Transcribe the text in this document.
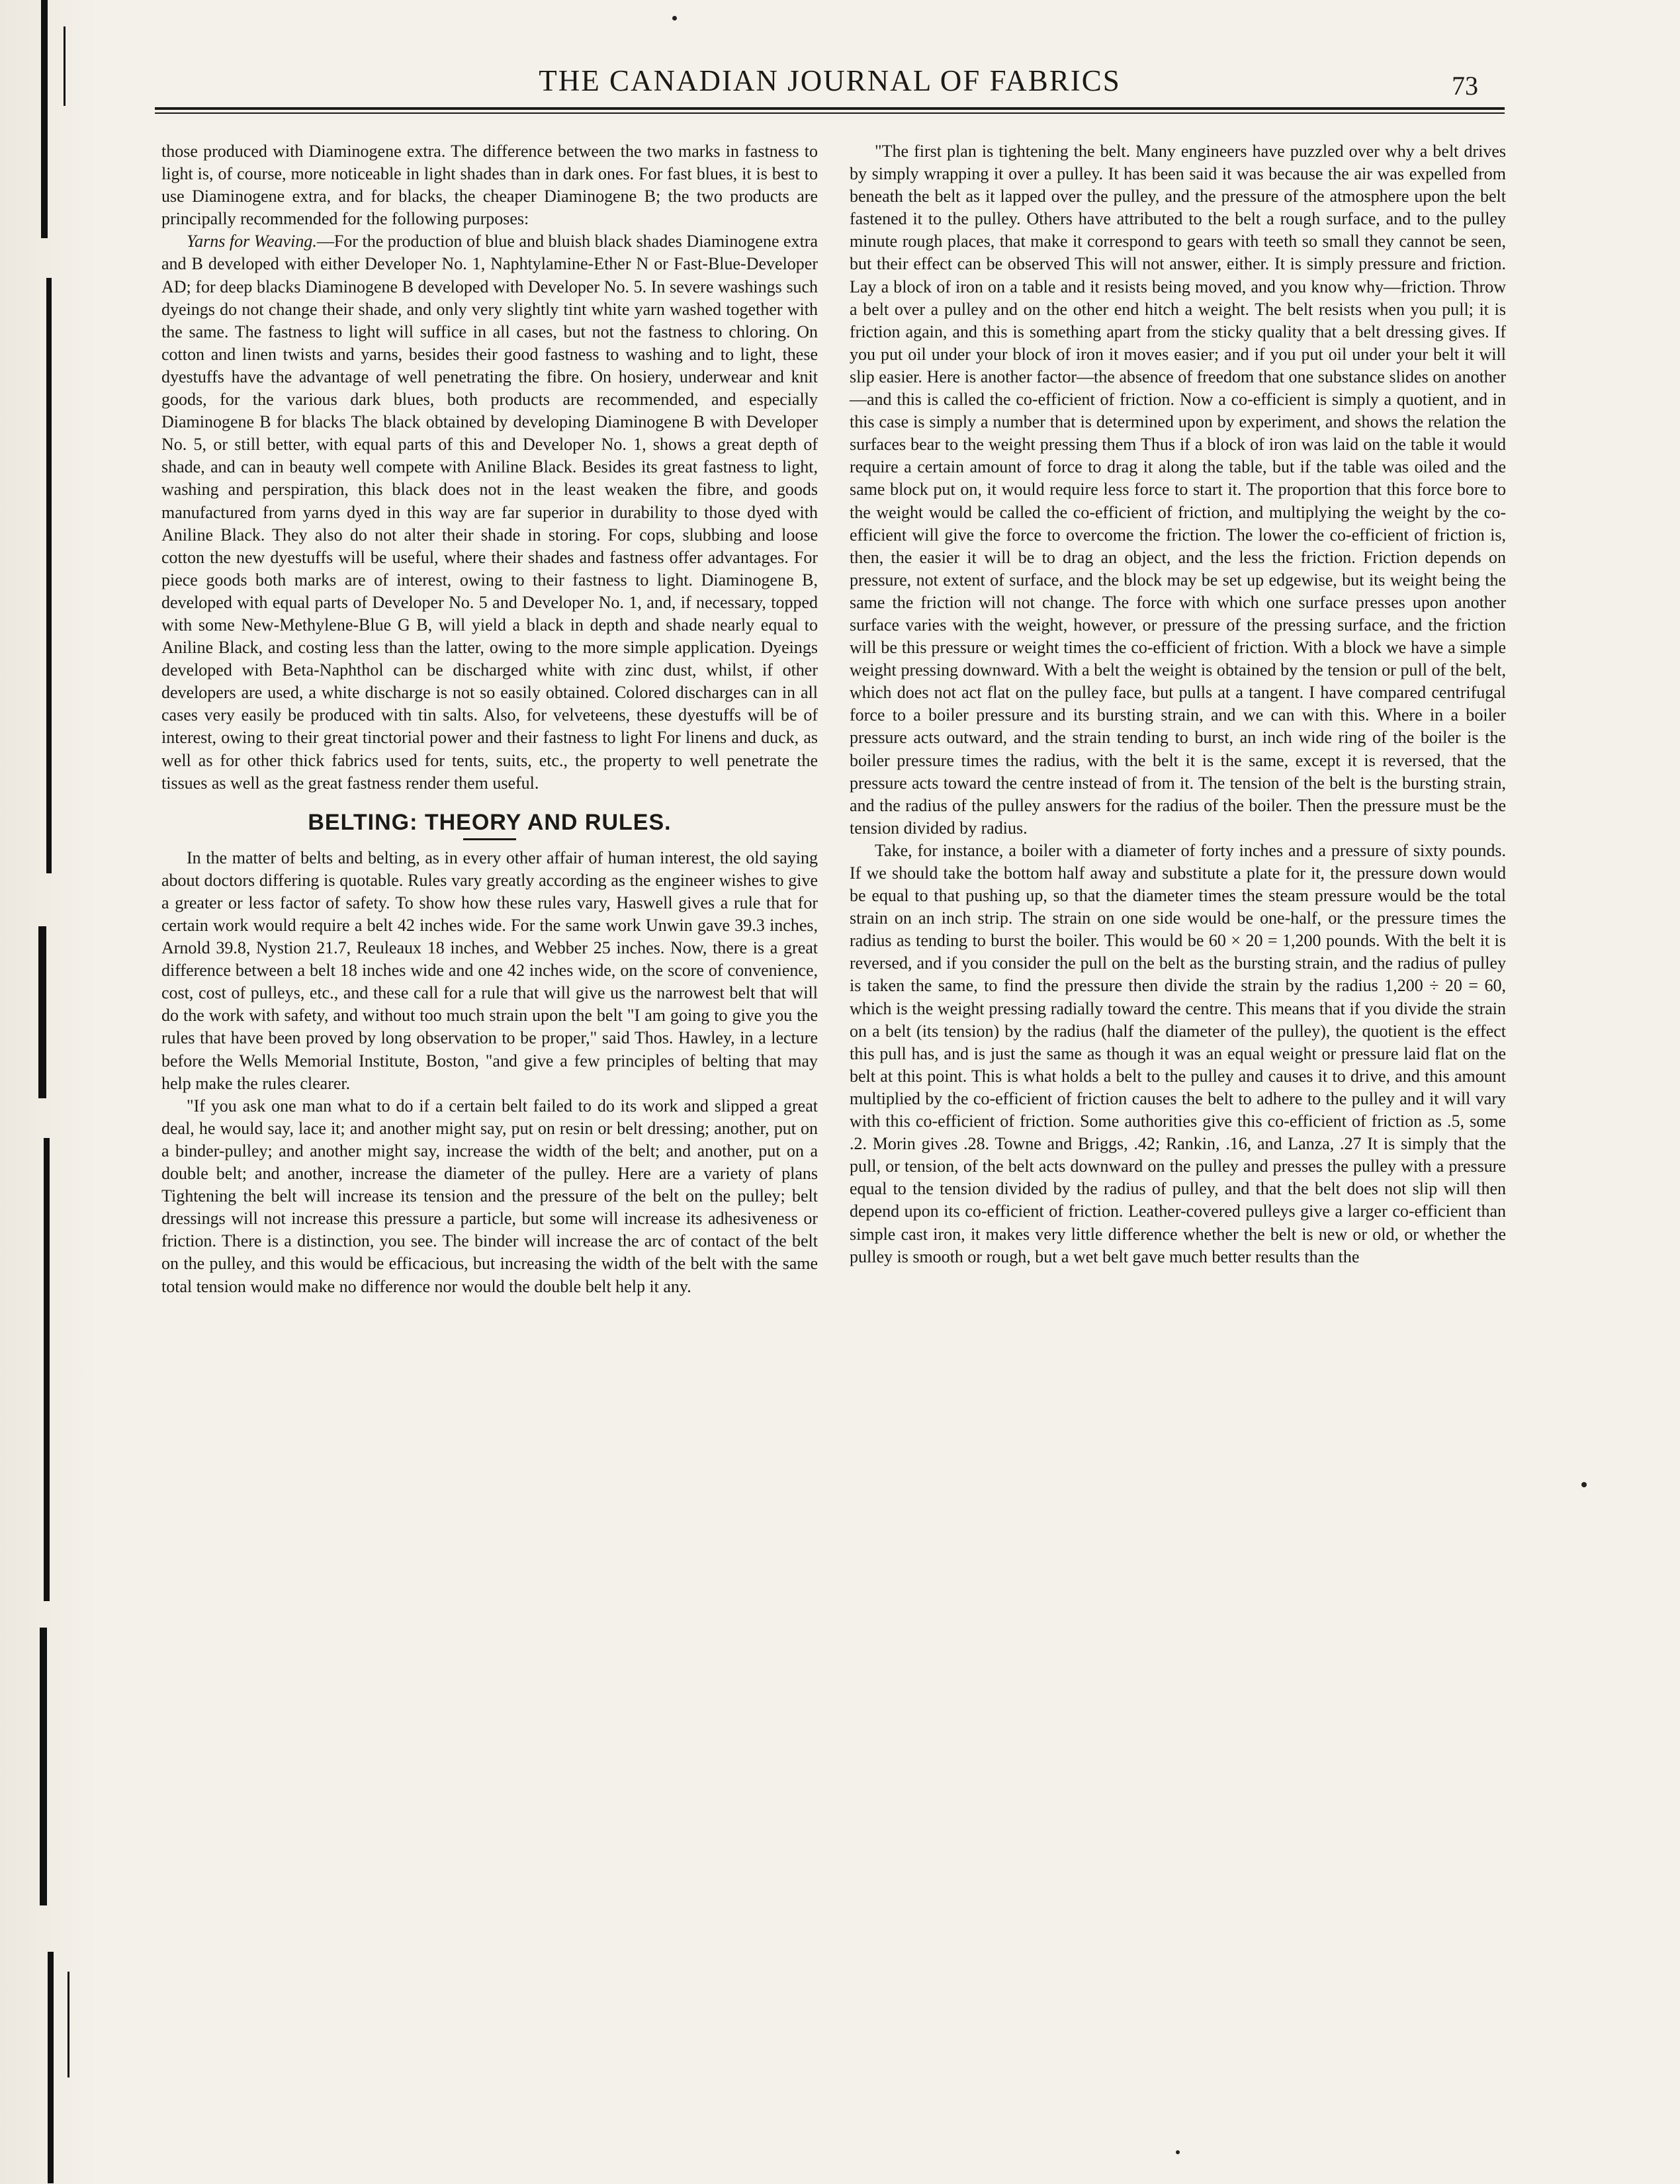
THE CANADIAN JOURNAL OF FABRICS	73

those produced with Diaminogene extra. The difference between the two marks in fastness to light is, of course, more noticeable in light shades than in dark ones. For fast blues, it is best to use Diaminogene extra, and for blacks, the cheaper Diaminogene B; the two products are principally recommended for the following purposes:

Yarns for Weaving.—For the production of blue and bluish black shades Diaminogene extra and B developed with either Developer No. 1, Naphtylamine-Ether N or Fast-Blue-Developer AD; for deep blacks Diaminogene B developed with Developer No. 5. In severe washings such dyeings do not change their shade, and only very slightly tint white yarn washed together with the same. The fastness to light will suffice in all cases, but not the fastness to chloring. On cotton and linen twists and yarns, besides their good fastness to washing and to light, these dyestuffs have the advantage of well penetrating the fibre. On hosiery, underwear and knit goods, for the various dark blues, both products are recommended, and especially Diaminogene B for blacks The black obtained by developing Diaminogene B with Developer No. 5, or still better, with equal parts of this and Developer No. 1, shows a great depth of shade, and can in beauty well compete with Aniline Black. Besides its great fastness to light, washing and perspiration, this black does not in the least weaken the fibre, and goods manufactured from yarns dyed in this way are far superior in durability to those dyed with Aniline Black. They also do not alter their shade in storing. For cops, slubbing and loose cotton the new dyestuffs will be useful, where their shades and fastness offer advantages. For piece goods both marks are of interest, owing to their fastness to light. Diaminogene B, developed with equal parts of Developer No. 5 and Developer No. 1, and, if necessary, topped with some New-Methylene-Blue G B, will yield a black in depth and shade nearly equal to Aniline Black, and costing less than the latter, owing to the more simple application. Dyeings developed with Beta-Naphthol can be discharged white with zinc dust, whilst, if other developers are used, a white discharge is not so easily obtained. Colored discharges can in all cases very easily be produced with tin salts. Also, for velveteens, these dyestuffs will be of interest, owing to their great tinctorial power and their fastness to light For linens and duck, as well as for other thick fabrics used for tents, suits, etc., the property to well penetrate the tissues as well as the great fastness render them useful.

BELTING: THEORY AND RULES.

In the matter of belts and belting, as in every other affair of human interest, the old saying about doctors differing is quotable. Rules vary greatly according as the engineer wishes to give a greater or less factor of safety. To show how these rules vary, Haswell gives a rule that for certain work would require a belt 42 inches wide. For the same work Unwin gave 39.3 inches, Arnold 39.8, Nystion 21.7, Reuleaux 18 inches, and Webber 25 inches. Now, there is a great difference between a belt 18 inches wide and one 42 inches wide, on the score of convenience, cost, cost of pulleys, etc., and these call for a rule that will give us the narrowest belt that will do the work with safety, and without too much strain upon the belt "I am going to give you the rules that have been proved by long observation to be proper," said Thos. Hawley, in a lecture before the Wells Memorial Institute, Boston, "and give a few principles of belting that may help make the rules clearer.

"If you ask one man what to do if a certain belt failed to do its work and slipped a great deal, he would say, lace it; and another might say, put on resin or belt dressing; another, put on a binder-pulley; and another might say, increase the width of the belt; and another, put on a double belt; and another, increase the diameter of the pulley. Here are a variety of plans Tightening the belt will increase its tension and the pressure of the belt on the pulley; belt dressings will not increase this pressure a particle, but some will increase its adhesiveness or friction. There is a distinction, you see. The binder will increase the arc of contact of the belt on the pulley, and this would be efficacious, but increasing the width of the belt with the same total tension would make no difference nor would the double belt help it any.

"The first plan is tightening the belt. Many engineers have puzzled over why a belt drives by simply wrapping it over a pulley. It has been said it was because the air was expelled from beneath the belt as it lapped over the pulley, and the pressure of the atmosphere upon the belt fastened it to the pulley. Others have attributed to the belt a rough surface, and to the pulley minute rough places, that make it correspond to gears with teeth so small they cannot be seen, but their effect can be observed This will not answer, either. It is simply pressure and friction. Lay a block of iron on a table and it resists being moved, and you know why—friction. Throw a belt over a pulley and on the other end hitch a weight. The belt resists when you pull; it is friction again, and this is something apart from the sticky quality that a belt dressing gives. If you put oil under your block of iron it moves easier; and if you put oil under your belt it will slip easier. Here is another factor—the absence of freedom that one substance slides on another—and this is called the co-efficient of friction. Now a co-efficient is simply a quotient, and in this case is simply a number that is determined upon by experiment, and shows the relation the surfaces bear to the weight pressing them Thus if a block of iron was laid on the table it would require a certain amount of force to drag it along the table, but if the table was oiled and the same block put on, it would require less force to start it. The proportion that this force bore to the weight would be called the co-efficient of friction, and multiplying the weight by the co-efficient will give the force to overcome the friction. The lower the co-efficient of friction is, then, the easier it will be to drag an object, and the less the friction. Friction depends on pressure, not extent of surface, and the block may be set up edgewise, but its weight being the same the friction will not change. The force with which one surface presses upon another surface varies with the weight, however, or pressure of the pressing surface, and the friction will be this pressure or weight times the co-efficient of friction. With a block we have a simple weight pressing downward. With a belt the weight is obtained by the tension or pull of the belt, which does not act flat on the pulley face, but pulls at a tangent. I have compared centrifugal force to a boiler pressure and its bursting strain, and we can with this. Where in a boiler pressure acts outward, and the strain tending to burst, an inch wide ring of the boiler is the boiler pressure times the radius, with the belt it is the same, except it is reversed, that the pressure acts toward the centre instead of from it. The tension of the belt is the bursting strain, and the radius of the pulley answers for the radius of the boiler. Then the pressure must be the tension divided by radius.

Take, for instance, a boiler with a diameter of forty inches and a pressure of sixty pounds. If we should take the bottom half away and substitute a plate for it, the pressure down would be equal to that pushing up, so that the diameter times the steam pressure would be the total strain on an inch strip. The strain on one side would be one-half, or the pressure times the radius as tending to burst the boiler. This would be 60 × 20 = 1,200 pounds. With the belt it is reversed, and if you consider the pull on the belt as the bursting strain, and the radius of pulley is taken the same, to find the pressure then divide the strain by the radius 1,200 ÷ 20 = 60, which is the weight pressing radially toward the centre. This means that if you divide the strain on a belt (its tension) by the radius (half the diameter of the pulley), the quotient is the effect this pull has, and is just the same as though it was an equal weight or pressure laid flat on the belt at this point. This is what holds a belt to the pulley and causes it to drive, and this amount multiplied by the co-efficient of friction causes the belt to adhere to the pulley and it will vary with this co-efficient of friction. Some authorities give this co-efficient of friction as .5, some .2. Morin gives .28. Towne and Briggs, .42; Rankin, .16, and Lanza, .27 It is simply that the pull, or tension, of the belt acts downward on the pulley and presses the pulley with a pressure equal to the tension divided by the radius of pulley, and that the belt does not slip will then depend upon its co-efficient of friction. Leather-covered pulleys give a larger co-efficient than simple cast iron, it makes very little difference whether the belt is new or old, or whether the pulley is smooth or rough, but a wet belt gave much better results than the
